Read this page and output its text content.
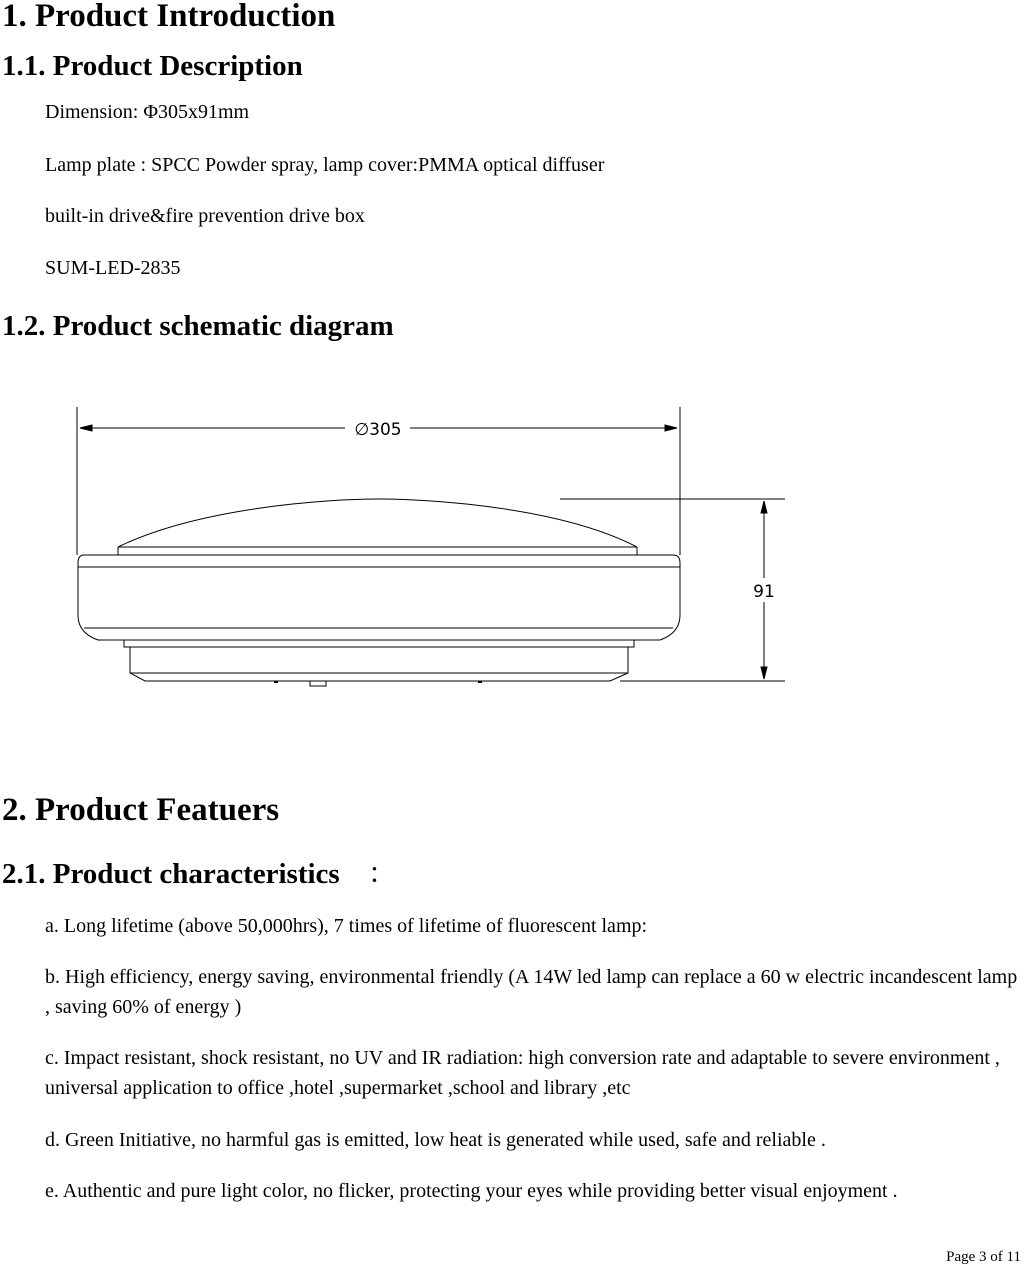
1. Product Introduction
1.1. Product Description

Dimension: Φ305x91mm

Lamp plate : SPCC Powder spray, lamp cover:PMMA optical diffuser

built-in drive&fire prevention drive box

SUM-LED-2835

1.2. Product schematic diagram
∅305
91
2. Product Featuers
2.1. Product characteristics ：

a. Long lifetime (above 50,000hrs), 7 times of lifetime of fluorescent lamp:

b. High efficiency, energy saving, environmental friendly (A 14W led lamp can replace a 60 w electric incandescent lamp , saving 60% of energy )

c. Impact resistant, shock resistant, no UV and IR radiation: high conversion rate and adaptable to severe environment , universal application to office ,hotel ,supermarket ,school and library ,etc

d. Green Initiative, no harmful gas is emitted, low heat is generated while used, safe and reliable .

e. Authentic and pure light color, no flicker, protecting your eyes while providing better visual enjoyment .

Page 3 of 11
